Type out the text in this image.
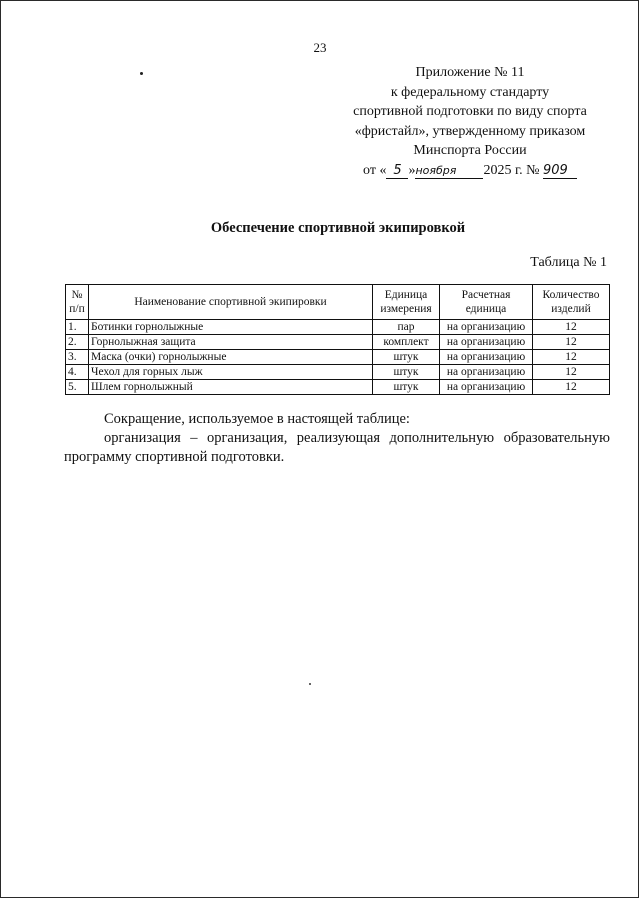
23
Приложение № 11
к федеральному стандарту
спортивной подготовки по виду спорта
«фристайл», утвержденному приказом
Минспорта России
от « 5 »ноября 2025 г. № 909
Обеспечение спортивной экипировкой
Таблица № 1
№ п/п	Наименование спортивной экипировки	Единица измерения	Расчетная единица	Количество изделий
1.	Ботинки горнолыжные	пар	на организацию	12
2.	Горнолыжная защита	комплект	на организацию	12
3.	Маска (очки) горнолыжные	штук	на организацию	12
4.	Чехол для горных лыж	штук	на организацию	12
5.	Шлем горнолыжный	штук	на организацию	12

Сокращение, используемое в настоящей таблице:

организация – организация, реализующая дополнительную образовательную программу спортивной подготовки.
